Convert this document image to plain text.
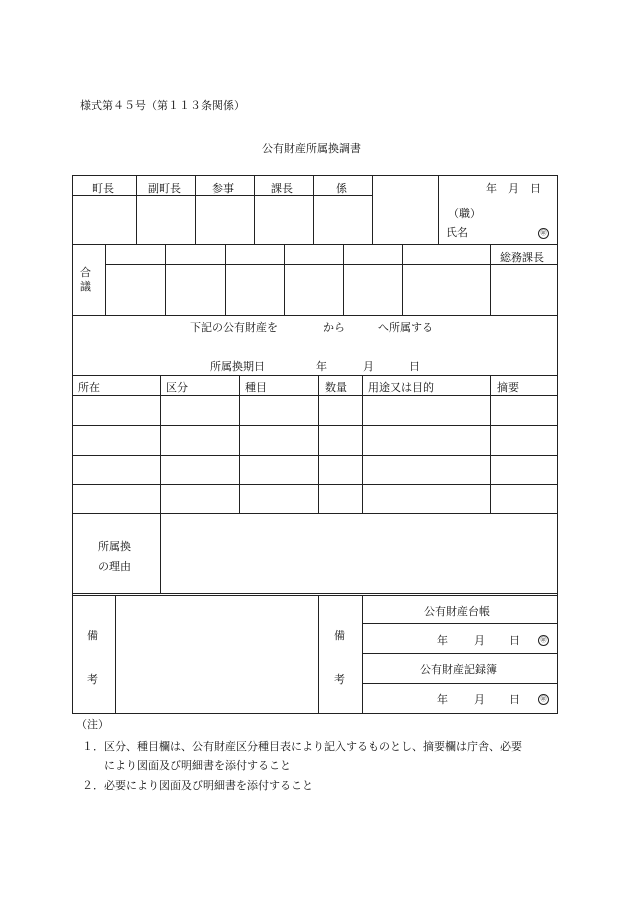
様式第４５号（第１１３条関係）
公有財産所属換調書
町長	副町長	参事	課長	係	年　月　日
（職）
氏名	㊞
合議
総務課長
下記の公有財産を	から	へ所属する
所属換期日	年	月	日
所在	区分	種目	数量 用途又は目的	摘要
所属換
の理由
備
考
備
考
公有財産台帳
年 月 日	㊞
公有財産記録簿
年 月 日	㊞
（注）
１．区分、種目欄は、公有財産区分種目表により記入するものとし、摘要欄は庁舎、必要
により図面及び明細書を添付すること
２．必要により図面及び明細書を添付すること
